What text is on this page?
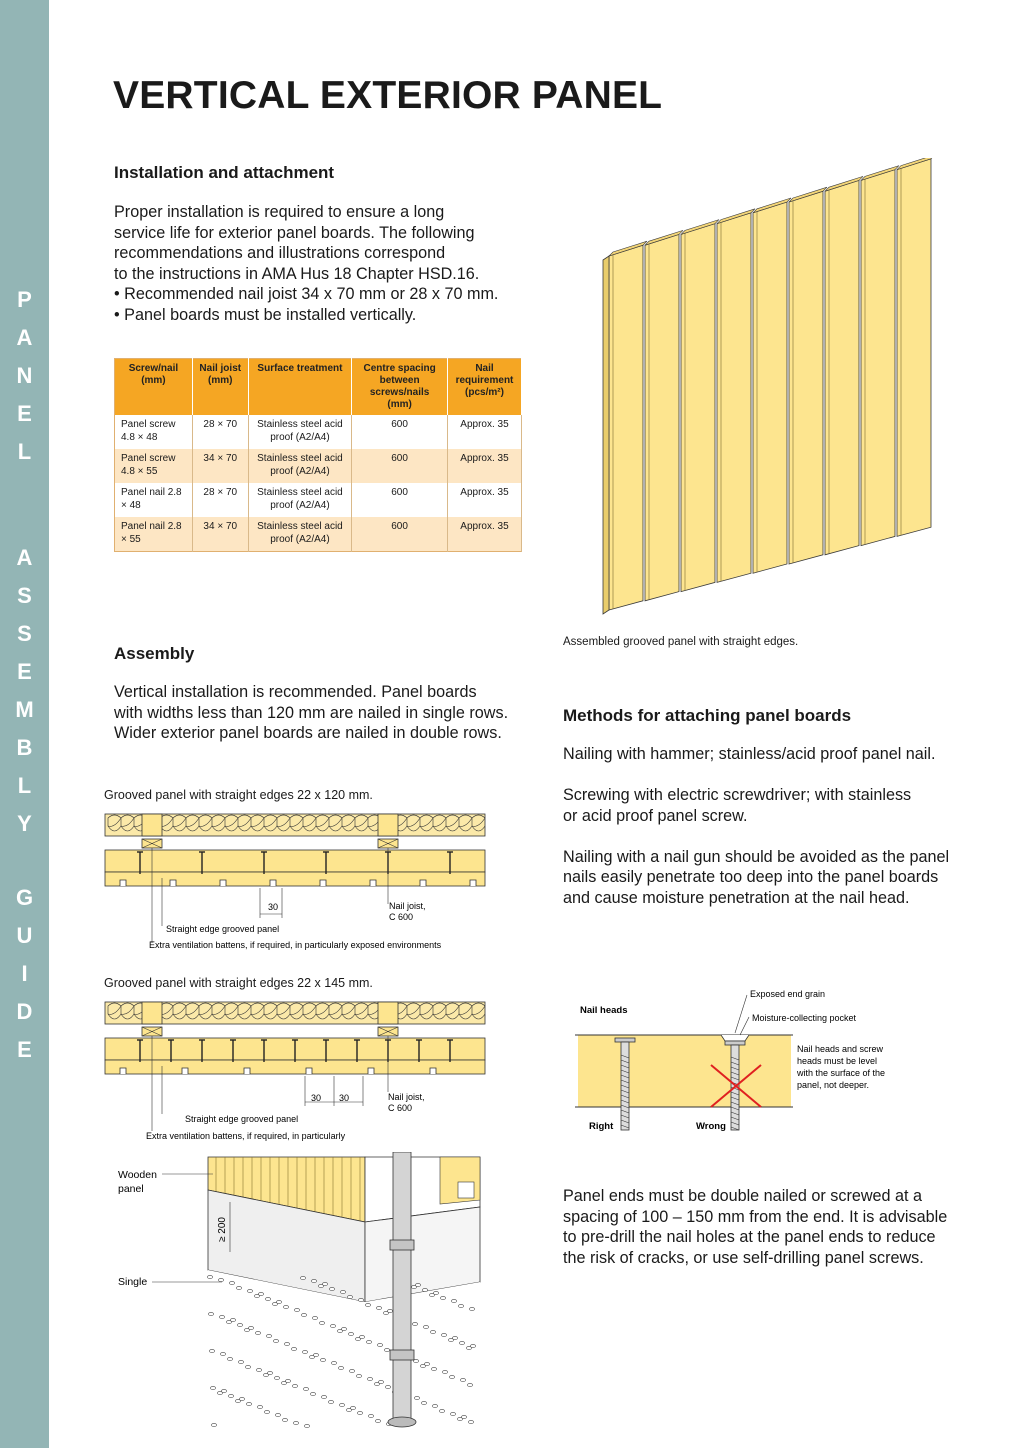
P
A
N
E
L
A
S
S
E
M
B
L
Y
G
U
I
D
E
VERTICAL EXTERIOR PANEL
Installation and attachment
Proper installation is required to ensure a long
service life for exterior panel boards. The following
recommendations and illustrations correspond
to the instructions in AMA Hus 18 Chapter HSD.16.
• Recommended nail joist 34 x 70 mm or 28 x 70 mm.
• Panel boards must be installed vertically.
Screw/nail (mm)	Nail joist (mm)	Surface treatment	Centre spacing between screws/nails (mm)	Nail requirement (pcs/m²)
Panel screw 4.8 × 48	28 × 70	Stainless steel acid proof (A2/A4)	600	Approx. 35
Panel screw 4.8 × 55	34 × 70	Stainless steel acid proof (A2/A4)	600	Approx. 35
Panel nail 2.8 × 48	28 × 70	Stainless steel acid proof (A2/A4)	600	Approx. 35
Panel nail 2.8 × 55	34 × 70	Stainless steel acid proof (A2/A4)	600	Approx. 35
Assembled grooved panel with straight edges.
Assembly
Vertical installation is recommended. Panel boards
with widths less than 120 mm are nailed in single rows.
Wider exterior panel boards are nailed in double rows.
Grooved panel with straight edges 22 x 120 mm.
30	Nail joist,
C 600
Straight edge grooved panel
Extra ventilation battens, if required, in particularly exposed environments
Grooved panel with straight edges 22 x 145 mm.
30 30	Nail joist,
C 600
Straight edge grooved panel
Extra ventilation battens, if required, in particularly
Wooden
panel
Single
≥ 200
Methods for attaching panel boards
Nailing with hammer; stainless/acid proof panel nail.
Screwing with electric screwdriver; with stainless
or acid proof panel screw.
Nailing with a nail gun should be avoided as the panel
nails easily penetrate too deep into the panel boards
and cause moisture penetration at the nail head.
Nail heads
Exposed end grain
Moisture-collecting pocket
Nail heads and screw
heads must be level
with the surface of the
panel, not deeper.
Right	Wrong
Panel ends must be double nailed or screwed at a
spacing of 100 – 150 mm from the end. It is advisable
to pre-drill the nail holes at the panel ends to reduce
the risk of cracks, or use self-drilling panel screws.
